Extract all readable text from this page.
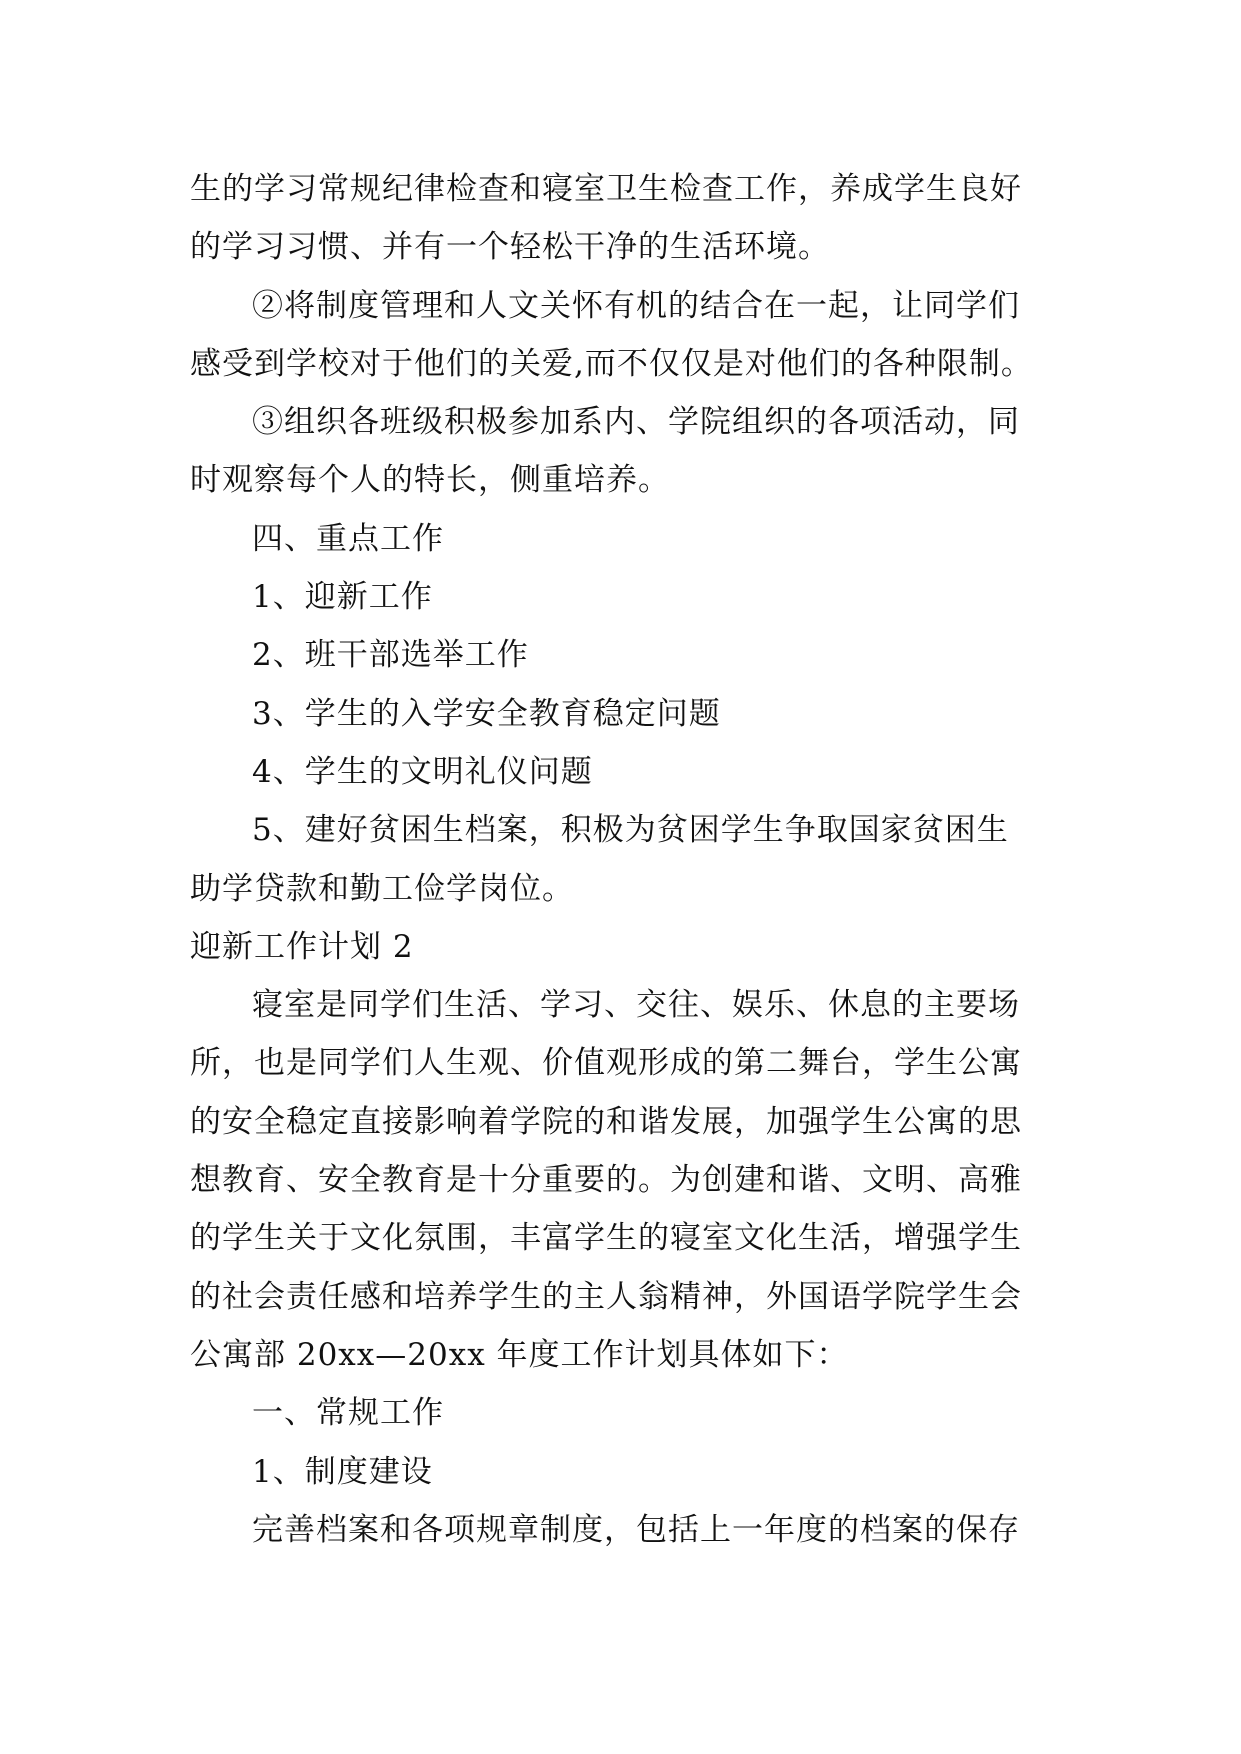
生的学习常规纪律检查和寝室卫生检查工作，养成学生良好
的学习习惯、并有一个轻松干净的生活环境。
②将制度管理和人文关怀有机的结合在一起，让同学们
感受到学校对于他们的关爱,而不仅仅是对他们的各种限制。
③组织各班级积极参加系内、学院组织的各项活动，同
时观察每个人的特长，侧重培养。
四、重点工作
1、迎新工作
2、班干部选举工作
3、学生的入学安全教育稳定问题
4、学生的文明礼仪问题
5、建好贫困生档案，积极为贫困学生争取国家贫困生
助学贷款和勤工俭学岗位。
迎新工作计划 2
寝室是同学们生活、学习、交往、娱乐、休息的主要场
所，也是同学们人生观、价值观形成的第二舞台，学生公寓
的安全稳定直接影响着学院的和谐发展，加强学生公寓的思
想教育、安全教育是十分重要的。为创建和谐、文明、高雅
的学生关于文化氛围，丰富学生的寝室文化生活，增强学生
的社会责任感和培养学生的主人翁精神，外国语学院学生会
公寓部 20xx—20xx 年度工作计划具体如下：
一、常规工作
1、制度建设
完善档案和各项规章制度，包括上一年度的档案的保存
